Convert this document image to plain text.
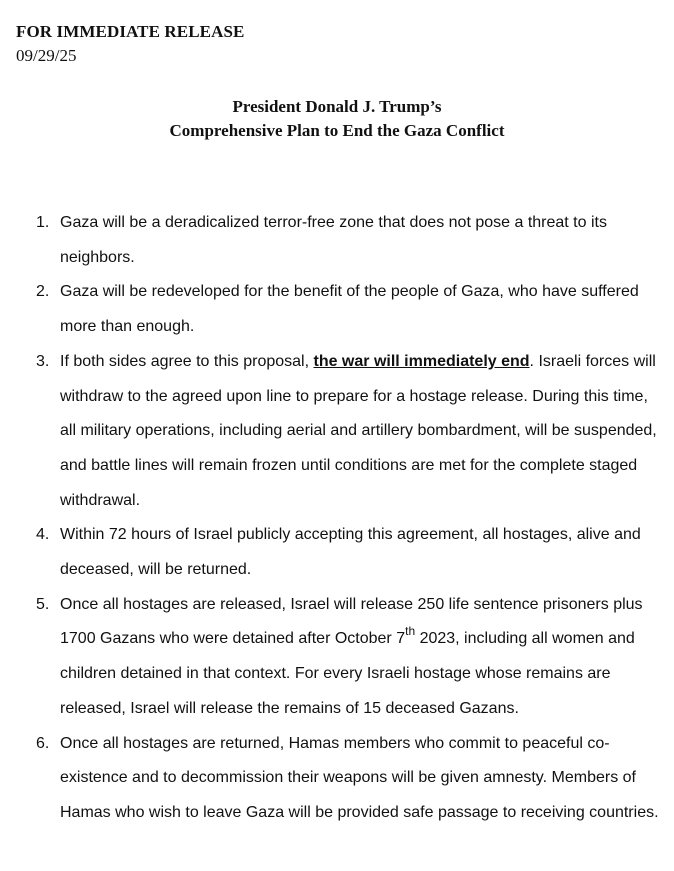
FOR IMMEDIATE RELEASE
09/29/25
President Donald J. Trump’s
Comprehensive Plan to End the Gaza Conflict
1. Gaza will be a deradicalized terror-free zone that does not pose a threat to its neighbors.
2. Gaza will be redeveloped for the benefit of the people of Gaza, who have suffered more than enough.
3. If both sides agree to this proposal, the war will immediately end. Israeli forces will withdraw to the agreed upon line to prepare for a hostage release. During this time, all military operations, including aerial and artillery bombardment, will be suspended, and battle lines will remain frozen until conditions are met for the complete staged withdrawal.
4. Within 72 hours of Israel publicly accepting this agreement, all hostages, alive and deceased, will be returned.
5. Once all hostages are released, Israel will release 250 life sentence prisoners plus 1700 Gazans who were detained after October 7th 2023, including all women and children detained in that context. For every Israeli hostage whose remains are released, Israel will release the remains of 15 deceased Gazans.
6. Once all hostages are returned, Hamas members who commit to peaceful co-existence and to decommission their weapons will be given amnesty. Members of Hamas who wish to leave Gaza will be provided safe passage to receiving countries.
